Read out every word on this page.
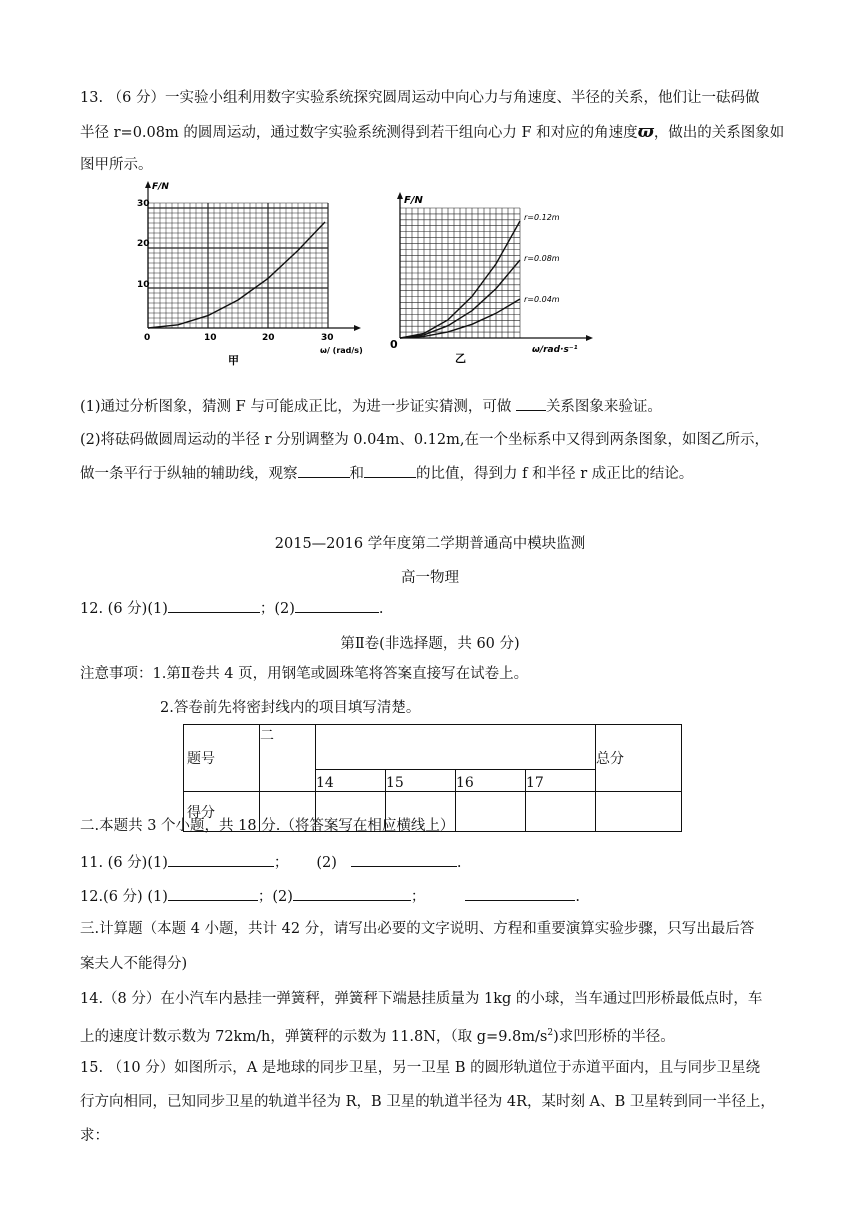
13. （6 分）一实验小组利用数字实验系统探究圆周运动中向心力与角速度、半径的关系，他们让一砝码做
半径 r=0.08m 的圆周运动，通过数字实验系统测得到若干组向心力 F 和对应的角速度ϖ，做出的关系图象如
图甲所示。
F/N
ω/ (rad/s)
0	10	20	30
10
20
30
甲
F/N
ω/rad·s⁻¹
0
乙
r=0.12m
r=0.08m
r=0.04m
(1)通过分析图象，猜测 F 与可能成正比，为进一步证实猜测，可做 关系图象来验证。
(2)将砝码做圆周运动的半径 r 分别调整为 0.04m、0.12m,在一个坐标系中又得到两条图象，如图乙所示，
做一条平行于纵轴的辅助线，观察	和	的比值，得到力 f 和半径 r 成正比的结论。
2015—2016 学年度第二学期普通高中模块监测
高一物理
12. (6 分)(1)	；(2)	.
第Ⅱ卷(非选择题，共 60 分)
注意事项：1.第Ⅱ卷共 4 页，用钢笔或圆珠笔将答案直接写在试卷上。
2.答卷前先将密封线内的项目填写清楚。
题号	二					总分
		14	15	16	17	
得分						
二.本题共 3 个小题，共 18 分.（将答案写在相应横线上）
11. (6 分)(1)	； (2)	.
12.(6 分) (1)	；(2)	；	.
三.计算题（本题 4 小题，共计 42 分，请写出必要的文字说明、方程和重要演算实验步骤，只写出最后答
案夫人不能得分)
14.（8 分）在小汽车内悬挂一弹簧秤，弹簧秤下端悬挂质量为 1kg 的小球，当车通过凹形桥最低点时，车
上的速度计数示数为 72km/h，弹簧秤的示数为 11.8N，（取 $g=9.8m/s^2$)求凹形桥的半径。
15. （10 分）如图所示，A 是地球的同步卫星，另一卫星 B 的圆形轨道位于赤道平面内，且与同步卫星绕
行方向相同，已知同步卫星的轨道半径为 R，B 卫星的轨道半径为 4R，某时刻 A、B 卫星转到同一半径上，
求：
